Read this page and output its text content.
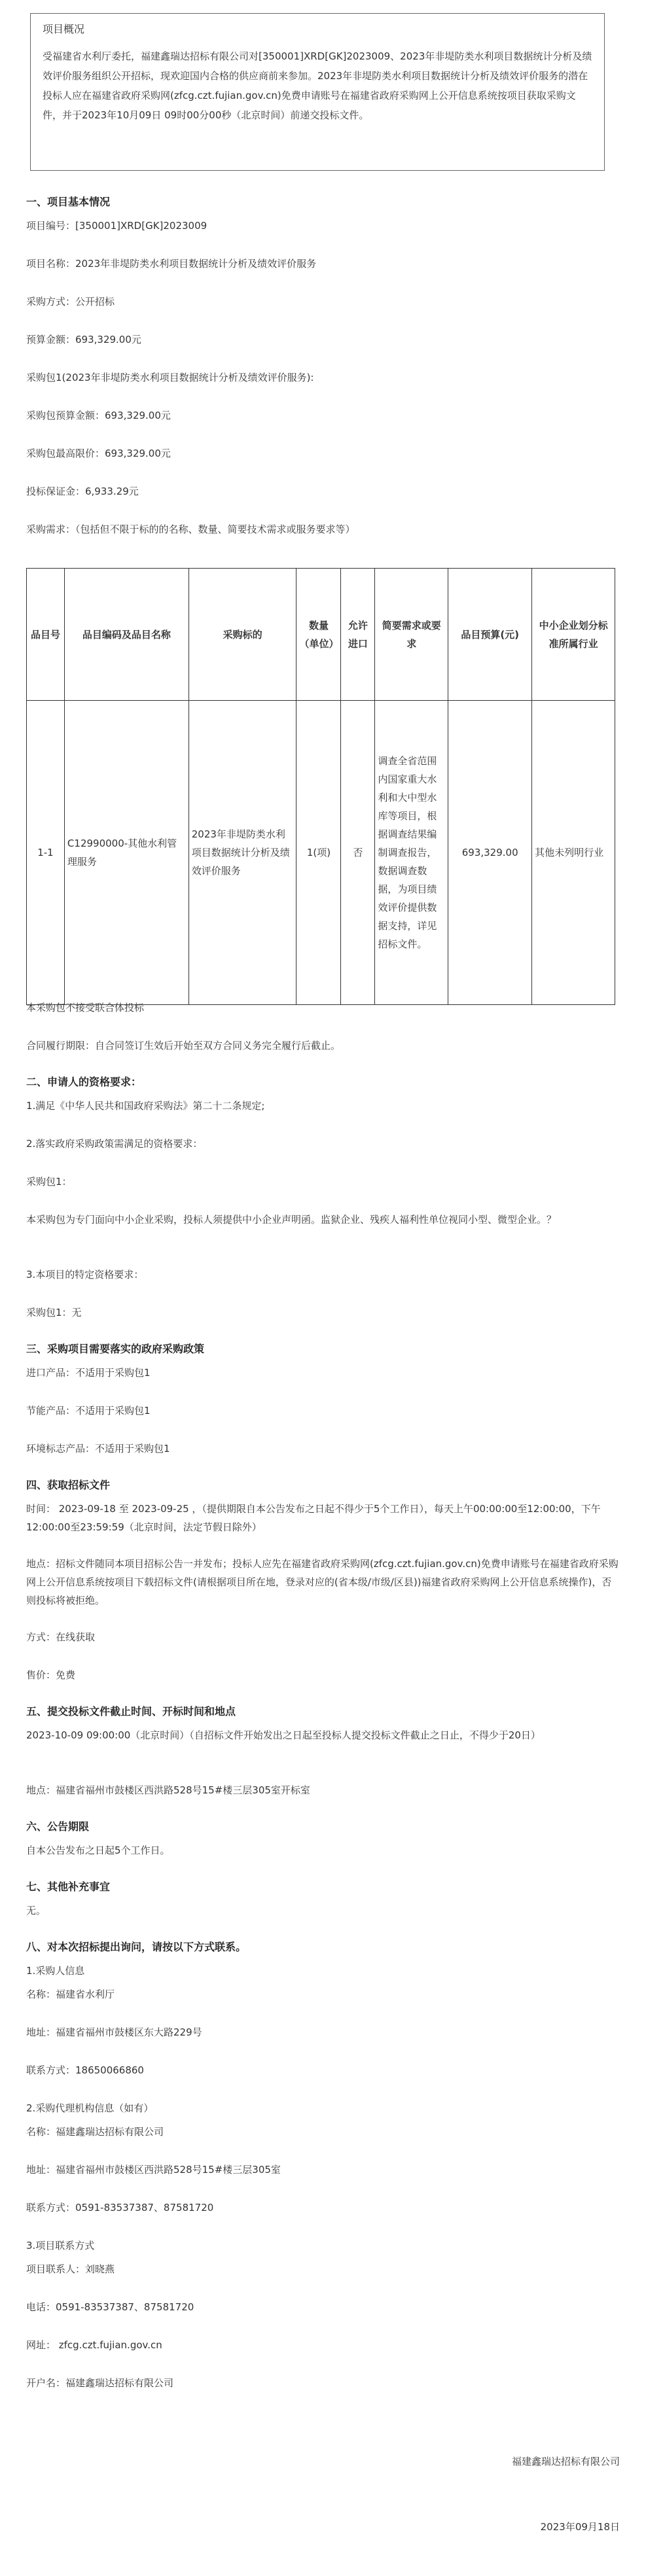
项目概况

受福建省水利厅委托，福建鑫瑞达招标有限公司对[350001]XRD[GK]2023009、2023年非堤防类水利项目数据统计分析及绩效评价服务组织公开招标，现欢迎国内合格的供应商前来参加。2023年非堤防类水利项目数据统计分析及绩效评价服务的潜在投标人应在福建省政府采购网(zfcg.czt.fujian.gov.cn)免费申请账号在福建省政府采购网上公开信息系统按项目获取采购文件，并于2023年10月09日 09时00分00秒（北京时间）前递交投标文件。

一、项目基本情况
项目编号：[350001]XRD[GK]2023009
项目名称：2023年非堤防类水利项目数据统计分析及绩效评价服务
采购方式：公开招标
预算金额：693,329.00元
采购包1(2023年非堤防类水利项目数据统计分析及绩效评价服务):
采购包预算金额：693,329.00元
采购包最高限价：693,329.00元
投标保证金：6,933.29元
采购需求：（包括但不限于标的的名称、数量、简要技术需求或服务要求等）
品目号	品目编码及品目名称	采购标的	数量（单位）	允许进口	简要需求或要求	品目预算(元)	中小企业划分标准所属行业
1-1	C12990000-其他水利管理服务	2023年非堤防类水利项目数据统计分析及绩效评价服务	1(项)	否	调查全省范围内国家重大水利和大中型水库等项目，根据调查结果编制调查报告，数据调查数据，为项目绩效评价提供数据支持，详见招标文件。	693,329.00	其他未列明行业
本采购包不接受联合体投标
合同履行期限：自合同签订生效后开始至双方合同义务完全履行后截止。
二、申请人的资格要求：
1.满足《中华人民共和国政府采购法》第二十二条规定;
2.落实政府采购政策需满足的资格要求：
采购包1：
本采购包为专门面向中小企业采购，投标人须提供中小企业声明函。监狱企业、残疾人福利性单位视同小型、微型企业。？
3.本项目的特定资格要求：
采购包1：无
三、采购项目需要落实的政府采购政策
进口产品：不适用于采购包1
节能产品：不适用于采购包1
环境标志产品：不适用于采购包1
四、获取招标文件
时间： 2023-09-18 至 2023-09-25 ，（提供期限自本公告发布之日起不得少于5个工作日），每天上午00:00:00至12:00:00，下午12:00:00至23:59:59（北京时间，法定节假日除外）
地点：招标文件随同本项目招标公告一并发布；投标人应先在福建省政府采购网(zfcg.czt.fujian.gov.cn)免费申请账号在福建省政府采购网上公开信息系统按项目下载招标文件(请根据项目所在地，登录对应的(省本级/市级/区县))福建省政府采购网上公开信息系统操作)，否则投标将被拒绝。
方式：在线获取
售价：免费
五、提交投标文件截止时间、开标时间和地点
2023-10-09 09:00:00（北京时间）（自招标文件开始发出之日起至投标人提交投标文件截止之日止，不得少于20日）
地点：福建省福州市鼓楼区西洪路528号15#楼三层305室开标室
六、公告期限
自本公告发布之日起5个工作日。
七、其他补充事宜
无。
八、对本次招标提出询问，请按以下方式联系。
1.采购人信息
名称：福建省水利厅
地址：福建省福州市鼓楼区东大路229号
联系方式：18650066860
2.采购代理机构信息（如有）
名称：福建鑫瑞达招标有限公司
地址：福建省福州市鼓楼区西洪路528号15#楼三层305室
联系方式：0591-83537387、87581720
3.项目联系方式
项目联系人：刘晓燕
电话：0591-83537387、87581720
网址： zfcg.czt.fujian.gov.cn
开户名：福建鑫瑞达招标有限公司
福建鑫瑞达招标有限公司
2023年09月18日
